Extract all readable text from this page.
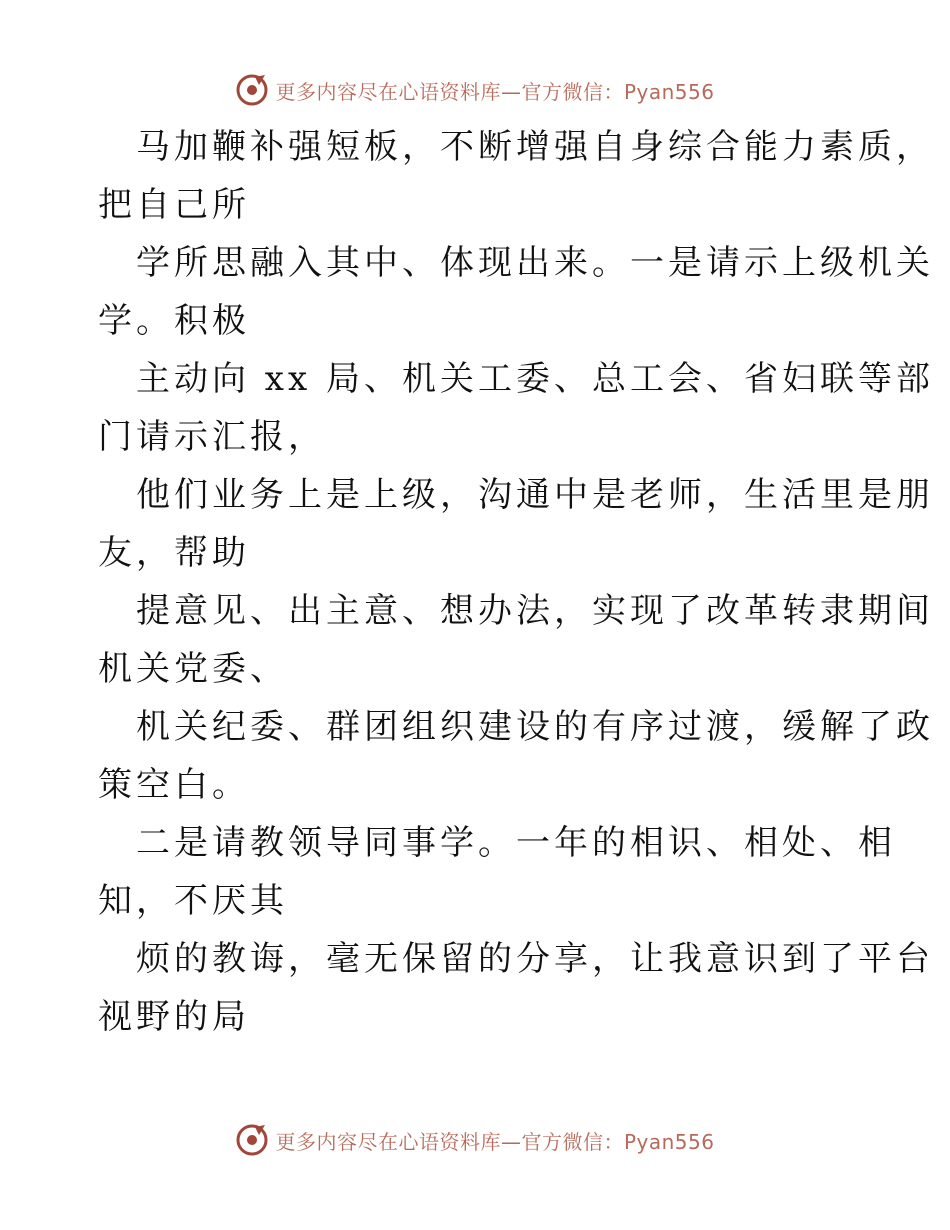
更多内容尽在心语资料库—官方微信：Pyan556
马加鞭补强短板，不断增强自身综合能力素质，
把自己所
学所思融入其中、体现出来。一是请示上级机关
学。积极
主动向 xx 局、机关工委、总工会、省妇联等部
门请示汇报，
他们业务上是上级，沟通中是老师，生活里是朋
友，帮助
提意见、出主意、想办法，实现了改革转隶期间
机关党委、
机关纪委、群团组织建设的有序过渡，缓解了政
策空白。
二是请教领导同事学。一年的相识、相处、相
知，不厌其
烦的教诲，毫无保留的分享，让我意识到了平台
视野的局
更多内容尽在心语资料库—官方微信：Pyan556
